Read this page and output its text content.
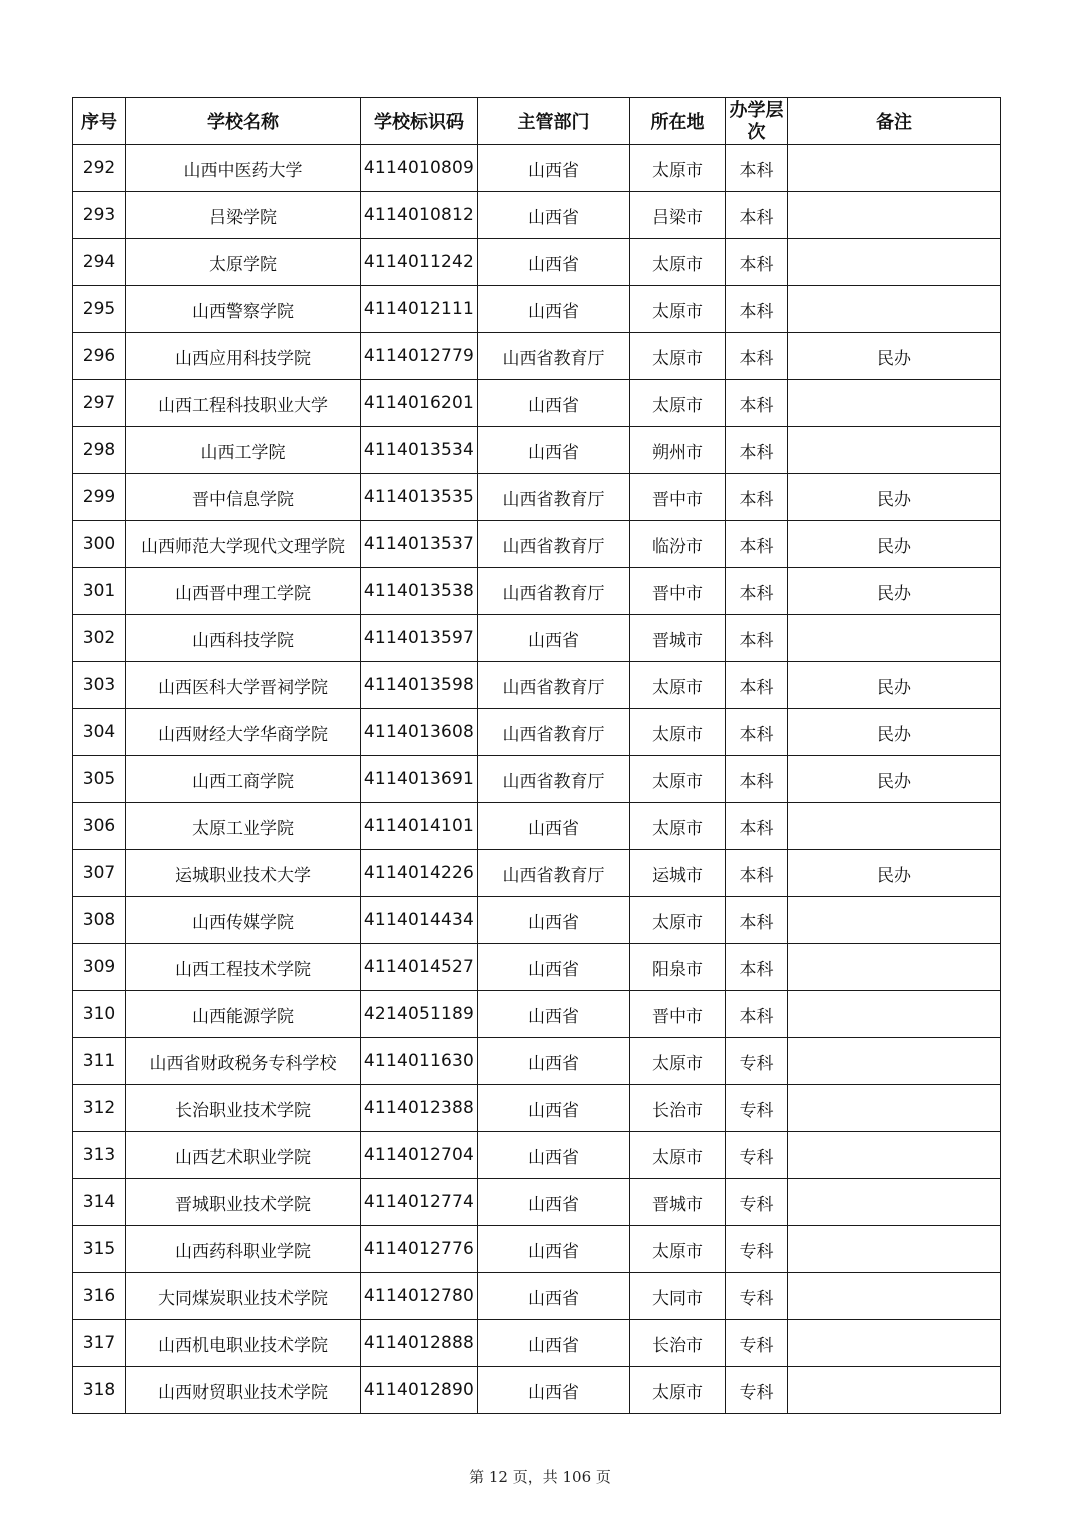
序号	学校名称	学校标识码	主管部门	所在地	办学层次	备注
292	山西中医药大学	4114010809	山西省	太原市	本科	
293	吕梁学院	4114010812	山西省	吕梁市	本科	
294	太原学院	4114011242	山西省	太原市	本科	
295	山西警察学院	4114012111	山西省	太原市	本科	
296	山西应用科技学院	4114012779	山西省教育厅	太原市	本科	民办
297	山西工程科技职业大学	4114016201	山西省	太原市	本科	
298	山西工学院	4114013534	山西省	朔州市	本科	
299	晋中信息学院	4114013535	山西省教育厅	晋中市	本科	民办
300	山西师范大学现代文理学院	4114013537	山西省教育厅	临汾市	本科	民办
301	山西晋中理工学院	4114013538	山西省教育厅	晋中市	本科	民办
302	山西科技学院	4114013597	山西省	晋城市	本科	
303	山西医科大学晋祠学院	4114013598	山西省教育厅	太原市	本科	民办
304	山西财经大学华商学院	4114013608	山西省教育厅	太原市	本科	民办
305	山西工商学院	4114013691	山西省教育厅	太原市	本科	民办
306	太原工业学院	4114014101	山西省	太原市	本科	
307	运城职业技术大学	4114014226	山西省教育厅	运城市	本科	民办
308	山西传媒学院	4114014434	山西省	太原市	本科	
309	山西工程技术学院	4114014527	山西省	阳泉市	本科	
310	山西能源学院	4214051189	山西省	晋中市	本科	
311	山西省财政税务专科学校	4114011630	山西省	太原市	专科	
312	长治职业技术学院	4114012388	山西省	长治市	专科	
313	山西艺术职业学院	4114012704	山西省	太原市	专科	
314	晋城职业技术学院	4114012774	山西省	晋城市	专科	
315	山西药科职业学院	4114012776	山西省	太原市	专科	
316	大同煤炭职业技术学院	4114012780	山西省	大同市	专科	
317	山西机电职业技术学院	4114012888	山西省	长治市	专科	
318	山西财贸职业技术学院	4114012890	山西省	太原市	专科	
第 12 页，共 106 页
